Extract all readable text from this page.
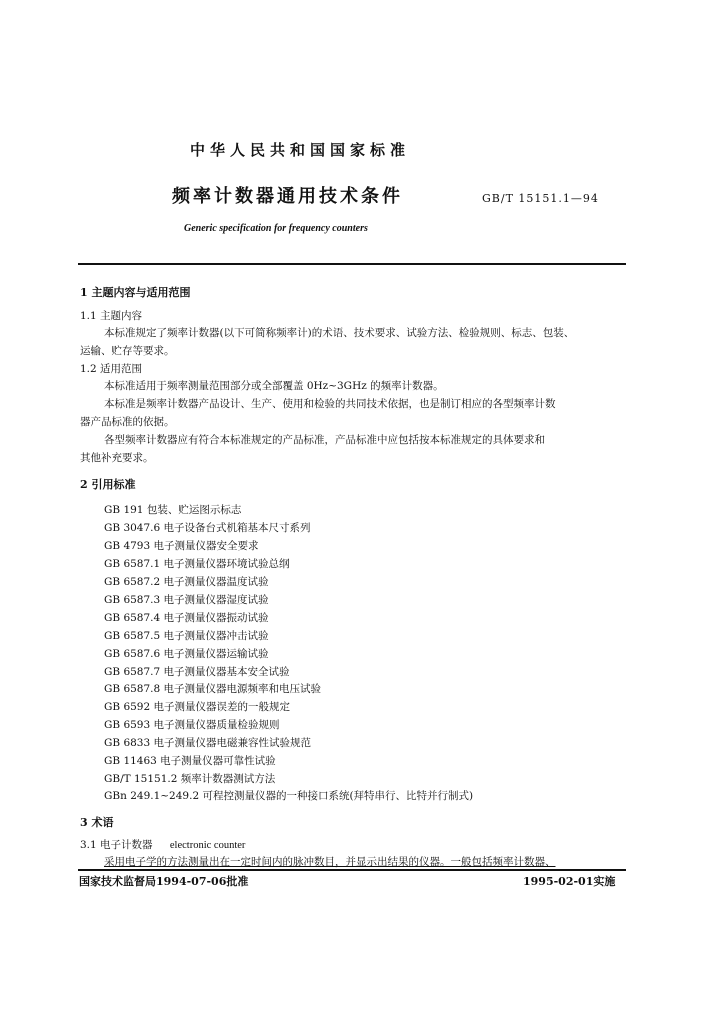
中华人民共和国国家标准
频率计数器通用技术条件	GB/T 15151.1—94
Generic specification for frequency counters
1 主题内容与适用范围
1.1 主题内容
本标准规定了频率计数器(以下可简称频率计)的术语、技术要求、试验方法、检验规则、标志、包装、
运输、贮存等要求。
1.2 适用范围
本标准适用于频率测量范围部分或全部覆盖 0Hz~3GHz 的频率计数器。
本标准是频率计数器产品设计、生产、使用和检验的共同技术依据，也是制订相应的各型频率计数
器产品标准的依据。
各型频率计数器应有符合本标准规定的产品标准，产品标准中应包括按本标准规定的具体要求和
其他补充要求。
2 引用标准
GB 191 包装、贮运图示标志
GB 3047.6 电子设备台式机箱基本尺寸系列
GB 4793 电子测量仪器安全要求
GB 6587.1 电子测量仪器环境试验总纲
GB 6587.2 电子测量仪器温度试验
GB 6587.3 电子测量仪器湿度试验
GB 6587.4 电子测量仪器振动试验
GB 6587.5 电子测量仪器冲击试验
GB 6587.6 电子测量仪器运输试验
GB 6587.7 电子测量仪器基本安全试验
GB 6587.8 电子测量仪器电源频率和电压试验
GB 6592 电子测量仪器误差的一般规定
GB 6593 电子测量仪器质量检验规则
GB 6833 电子测量仪器电磁兼容性试验规范
GB 11463 电子测量仪器可靠性试验
GB/T 15151.2 频率计数器测试方法
GBn 249.1~249.2 可程控测量仪器的一种接口系统(拜特串行、比特并行制式)
3 术语
3.1 电子计数器 electronic counter
采用电子学的方法测量出在一定时间内的脉冲数目，并显示出结果的仪器。一般包括频率计数器、
国家技术监督局1994-07-06批准	1995-02-01实施
